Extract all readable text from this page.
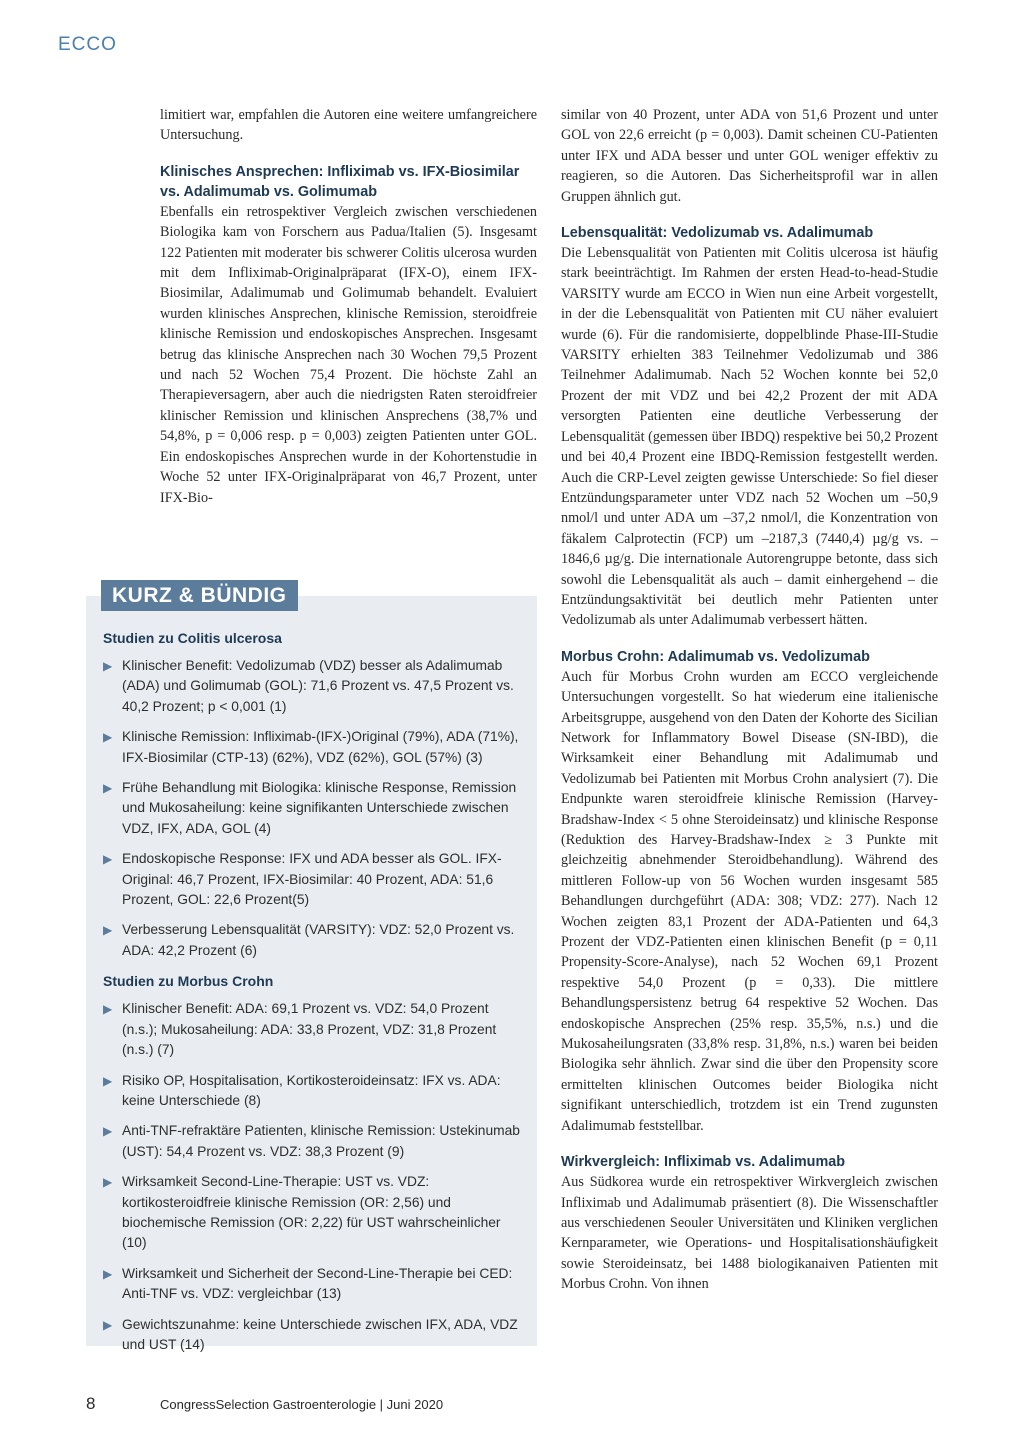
ECCO

limitiert war, empfahlen die Autoren eine weitere umfangreichere Untersuchung.

Klinisches Ansprechen: Infliximab vs. IFX-Biosimilar vs. Adalimumab vs. Golimumab

Ebenfalls ein retrospektiver Vergleich zwischen verschiedenen Biologika kam von Forschern aus Padua/Italien (5). Insgesamt 122 Patienten mit moderater bis schwerer Colitis ulcerosa wurden mit dem Infliximab-Originalpräparat (IFX-O), einem IFX-Biosimilar, Adalimumab und Golimumab behandelt. Evaluiert wurden klinisches Ansprechen, klinische Remission, steroidfreie klinische Remission und endoskopisches Ansprechen. Insgesamt betrug das klinische Ansprechen nach 30 Wochen 79,5 Prozent und nach 52 Wochen 75,4 Prozent. Die höchste Zahl an Therapieversagern, aber auch die niedrigsten Raten steroidfreier klinischer Remission und klinischen Ansprechens (38,7% und 54,8%, p = 0,006 resp. p = 0,003) zeigten Patienten unter GOL. Ein endoskopisches Ansprechen wurde in der Kohortenstudie in Woche 52 unter IFX-Originalpräparat von 46,7 Prozent, unter IFX-Bio-

KURZ & BÜNDIG
Studien zu Colitis ulcerosa
▶ Klinischer Benefit: Vedolizumab (VDZ) besser als Adalimumab (ADA) und Golimumab (GOL): 71,6 Prozent vs. 47,5 Prozent vs. 40,2 Prozent; p < 0,001 (1)
▶ Klinische Remission: Infliximab-(IFX-)Original (79%), ADA (71%), IFX-Biosimilar (CTP-13) (62%), VDZ (62%), GOL (57%) (3)
▶ Frühe Behandlung mit Biologika: klinische Response, Remission und Mukosaheilung: keine signifikanten Unterschiede zwischen VDZ, IFX, ADA, GOL (4)
▶ Endoskopische Response: IFX und ADA besser als GOL. IFX-Original: 46,7 Prozent, IFX-Biosimilar: 40 Prozent, ADA: 51,6 Prozent, GOL: 22,6 Prozent(5)
▶ Verbesserung Lebensqualität (VARSITY): VDZ: 52,0 Prozent vs. ADA: 42,2 Prozent (6)
Studien zu Morbus Crohn
▶ Klinischer Benefit: ADA: 69,1 Prozent vs. VDZ: 54,0 Prozent (n.s.); Mukosaheilung: ADA: 33,8 Prozent, VDZ: 31,8 Prozent (n.s.) (7)
▶ Risiko OP, Hospitalisation, Kortikosteroideinsatz: IFX vs. ADA: keine Unterschiede (8)
▶ Anti-TNF-refraktäre Patienten, klinische Remission: Ustekinumab (UST): 54,4 Prozent vs. VDZ: 38,3 Prozent (9)
▶ Wirksamkeit Second-Line-Therapie: UST vs. VDZ: kortikosteroidfreie klinische Remission (OR: 2,56) und biochemische Remission (OR: 2,22) für UST wahrscheinlicher (10)
▶ Wirksamkeit und Sicherheit der Second-Line-Therapie bei CED: Anti-TNF vs. VDZ: vergleichbar (13)
▶ Gewichtszunahme: keine Unterschiede zwischen IFX, ADA, VDZ und UST (14)

similar von 40 Prozent, unter ADA von 51,6 Prozent und unter GOL von 22,6 erreicht (p = 0,003). Damit scheinen CU-Patienten unter IFX und ADA besser und unter GOL weniger effektiv zu reagieren, so die Autoren. Das Sicherheitsprofil war in allen Gruppen ähnlich gut.

Lebensqualität: Vedolizumab vs. Adalimumab

Die Lebensqualität von Patienten mit Colitis ulcerosa ist häufig stark beeinträchtigt. Im Rahmen der ersten Head-to-head-Studie VARSITY wurde am ECCO in Wien nun eine Arbeit vorgestellt, in der die Lebensqualität von Patienten mit CU näher evaluiert wurde (6). Für die randomisierte, doppelblinde Phase-III-Studie VARSITY erhielten 383 Teilnehmer Vedolizumab und 386 Teilnehmer Adalimumab. Nach 52 Wochen konnte bei 52,0 Prozent der mit VDZ und bei 42,2 Prozent der mit ADA versorgten Patienten eine deutliche Verbesserung der Lebensqualität (gemessen über IBDQ) respektive bei 50,2 Prozent und bei 40,4 Prozent eine IBDQ-Remission festgestellt werden. Auch die CRP-Level zeigten gewisse Unterschiede: So fiel dieser Entzündungsparameter unter VDZ nach 52 Wochen um –50,9 nmol/l und unter ADA um –37,2 nmol/l, die Konzentration von fäkalem Calprotectin (FCP) um –2187,3 (7440,4) µg/g vs. –1846,6 µg/g. Die internationale Autorengruppe betonte, dass sich sowohl die Lebensqualität als auch – damit einhergehend – die Entzündungsaktivität bei deutlich mehr Patienten unter Vedolizumab als unter Adalimumab verbessert hätten.

Morbus Crohn: Adalimumab vs. Vedolizumab

Auch für Morbus Crohn wurden am ECCO vergleichende Untersuchungen vorgestellt. So hat wiederum eine italienische Arbeitsgruppe, ausgehend von den Daten der Kohorte des Sicilian Network for Inflammatory Bowel Disease (SN-IBD), die Wirksamkeit einer Behandlung mit Adalimumab und Vedolizumab bei Patienten mit Morbus Crohn analysiert (7). Die Endpunkte waren steroidfreie klinische Remission (Harvey-Bradshaw-Index < 5 ohne Steroideinsatz) und klinische Response (Reduktion des Harvey-Bradshaw-Index ≥ 3 Punkte mit gleichzeitig abnehmender Steroidbehandlung). Während des mittleren Follow-up von 56 Wochen wurden insgesamt 585 Behandlungen durchgeführt (ADA: 308; VDZ: 277). Nach 12 Wochen zeigten 83,1 Prozent der ADA-Patienten und 64,3 Prozent der VDZ-Patienten einen klinischen Benefit (p = 0,11 Propensity-Score-Analyse), nach 52 Wochen 69,1 Prozent respektive 54,0 Prozent (p = 0,33). Die mittlere Behandlungspersistenz betrug 64 respektive 52 Wochen. Das endoskopische Ansprechen (25% resp. 35,5%, n.s.) und die Mukosaheilungsraten (33,8% resp. 31,8%, n.s.) waren bei beiden Biologika sehr ähnlich. Zwar sind die über den Propensity score ermittelten klinischen Outcomes beider Biologika nicht signifikant unterschiedlich, trotzdem ist ein Trend zugunsten Adalimumab feststellbar.

Wirkvergleich: Infliximab vs. Adalimumab

Aus Südkorea wurde ein retrospektiver Wirkvergleich zwischen Infliximab und Adalimumab präsentiert (8). Die Wissenschaftler aus verschiedenen Seouler Universitäten und Kliniken verglichen Kernparameter, wie Operations- und Hospitalisationshäufigkeit sowie Steroideinsatz, bei 1488 biologikanaiven Patienten mit Morbus Crohn. Von ihnen

8	CongressSelection Gastroenterologie | Juni 2020
